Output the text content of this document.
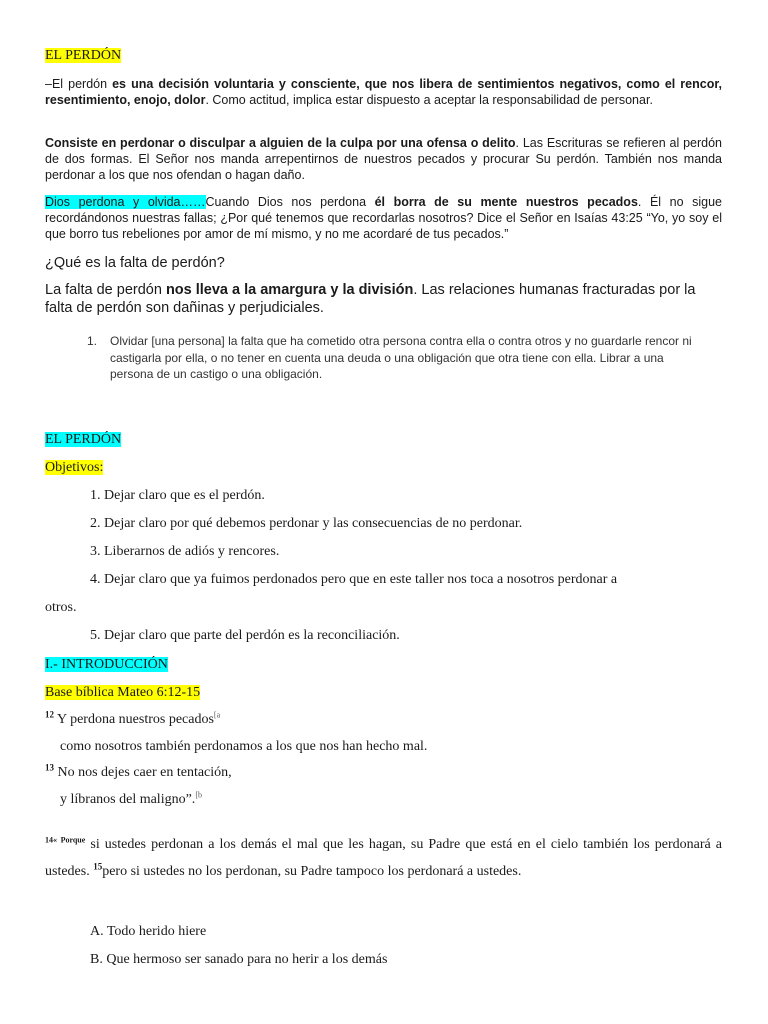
EL PERDÓN

–El perdón es una decisión voluntaria y consciente, que nos libera de sentimientos negativos, como el rencor, resentimiento, enojo, dolor. Como actitud, implica estar dispuesto a aceptar la responsabilidad de personar.

Consiste en perdonar o disculpar a alguien de la culpa por una ofensa o delito. Las Escrituras se refieren al perdón de dos formas. El Señor nos manda arrepentirnos de nuestros pecados y procurar Su perdón. También nos manda perdonar a los que nos ofendan o hagan daño.

Dios perdona y olvida……Cuando Dios nos perdona él borra de su mente nuestros pecados. Él no sigue recordándonos nuestras fallas; ¿Por qué tenemos que recordarlas nosotros? Dice el Señor en Isaías 43:25 “Yo, yo soy el que borro tus rebeliones por amor de mí mismo, y no me acordaré de tus pecados.”

¿Qué es la falta de perdón?

La falta de perdón nos lleva a la amargura y la división. Las relaciones humanas fracturadas por la falta de perdón son dañinas y perjudiciales.

1. Olvidar [una persona] la falta que ha cometido otra persona contra ella o contra otros y no guardarle rencor ni castigarla por ella, o no tener en cuenta una deuda o una obligación que otra tiene con ella. Librar a una persona de un castigo o una obligación.
EL PERDÓN
Objetivos:
1. Dejar claro que es el perdón.
2. Dejar claro por qué debemos perdonar y las consecuencias de no perdonar.
3. Liberarnos de adiós y rencores.
4. Dejar claro que ya fuimos perdonados pero que en este taller nos toca a nosotros perdonar a
otros.
5. Dejar claro que parte del perdón es la reconciliación.
I.- INTRODUCCIÓN
Base bíblica Mateo 6:12-15
$^{12}$ Y perdona nuestros pecados$^{[a}$
como nosotros también perdonamos a los que nos han hecho mal.
$^{13}$ No nos dejes caer en tentación,
y líbranos del maligno”.$^{[b}$

$^{14« Porque}$ si ustedes perdonan a los demás el mal que les hagan, su Padre que está en el cielo también los perdonará a ustedes. $^{15}$pero si ustedes no los perdonan, su Padre tampoco los perdonará a ustedes.

A. Todo herido hiere
B. Que hermoso ser sanado para no herir a los demás
